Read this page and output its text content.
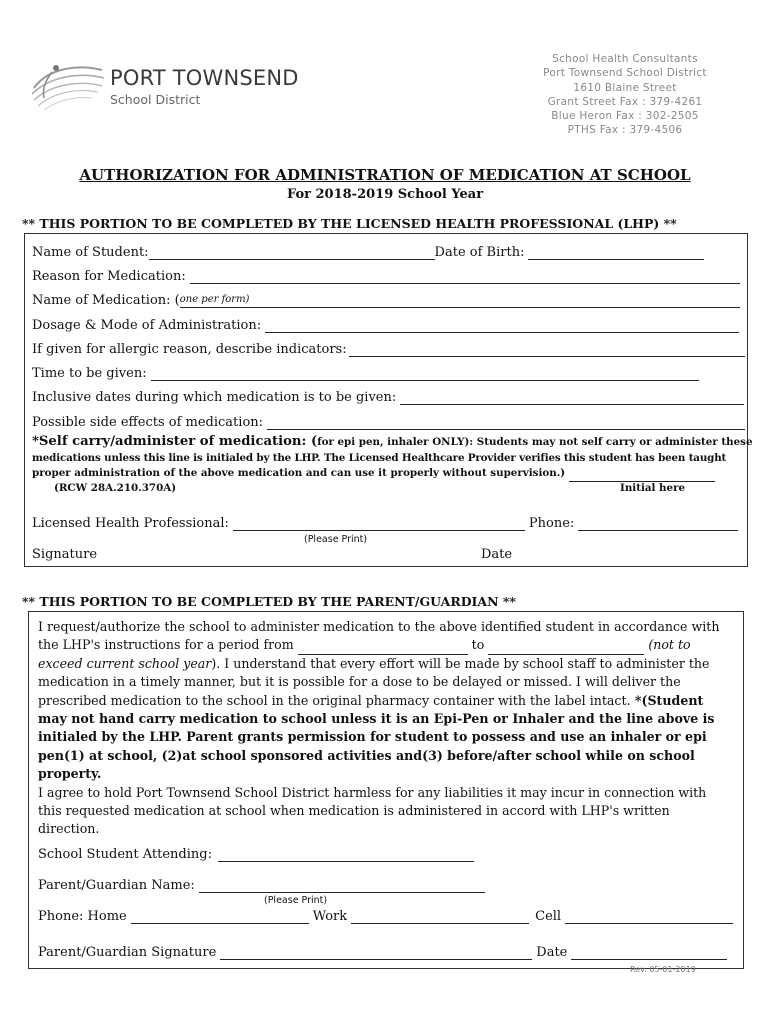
PORT TOWNSEND
School District
School Health Consultants
Port Townsend School District
1610 Blaine Street
Grant Street Fax : 379-4261
Blue Heron Fax : 302-2505
PTHS Fax : 379-4506
AUTHORIZATION FOR ADMINISTRATION OF MEDICATION AT SCHOOL
For 2018-2019 School Year
** THIS PORTION TO BE COMPLETED BY THE LICENSED HEALTH PROFESSIONAL (LHP) **
Name of Student:	Date of Birth:
Reason for Medication:
Name of Medication: ( one per form)
Dosage & Mode of Administration:
If given for allergic reason, describe indicators:
Time to be given:
Inclusive dates during which medication is to be given:
Possible side effects of medication:
*Self carry/administer of medication: (for epi pen, inhaler ONLY): Students may not self carry or administer these
medications unless this line is initialed by the LHP. The Licensed Healthcare Provider verifies this student has been taught
proper administration of the above medication and can use it properly without supervision.)
(RCW 28A.210.370A)	Initial here
Licensed Health Professional:	Phone:
(Please Print)
Signature	Date
** THIS PORTION TO BE COMPLETED BY THE PARENT/GUARDIAN **
I request/authorize the school to administer medication to the above identified student in accordance with
the LHP's instructions for a period from	to	(not to
exceed current school year). I understand that every effort will be made by school staff to administer the
medication in a timely manner, but it is possible for a dose to be delayed or missed. I will deliver the
prescribed medication to the school in the original pharmacy container with the label intact. *(Student
may not hand carry medication to school unless it is an Epi-Pen or Inhaler and the line above is
initialed by the LHP. Parent grants permission for student to possess and use an inhaler or epi
pen(1) at school, (2)at school sponsored activities and(3) before/after school while on school
property.
I agree to hold Port Townsend School District harmless for any liabilities it may incur in connection with
this requested medication at school when medication is administered in accord with LHP's written
direction.
School Student Attending:
Parent/Guardian Name:
(Please Print)
Phone: Home	Work	Cell
Parent/Guardian Signature	Date
Rev. 05-01-2019
